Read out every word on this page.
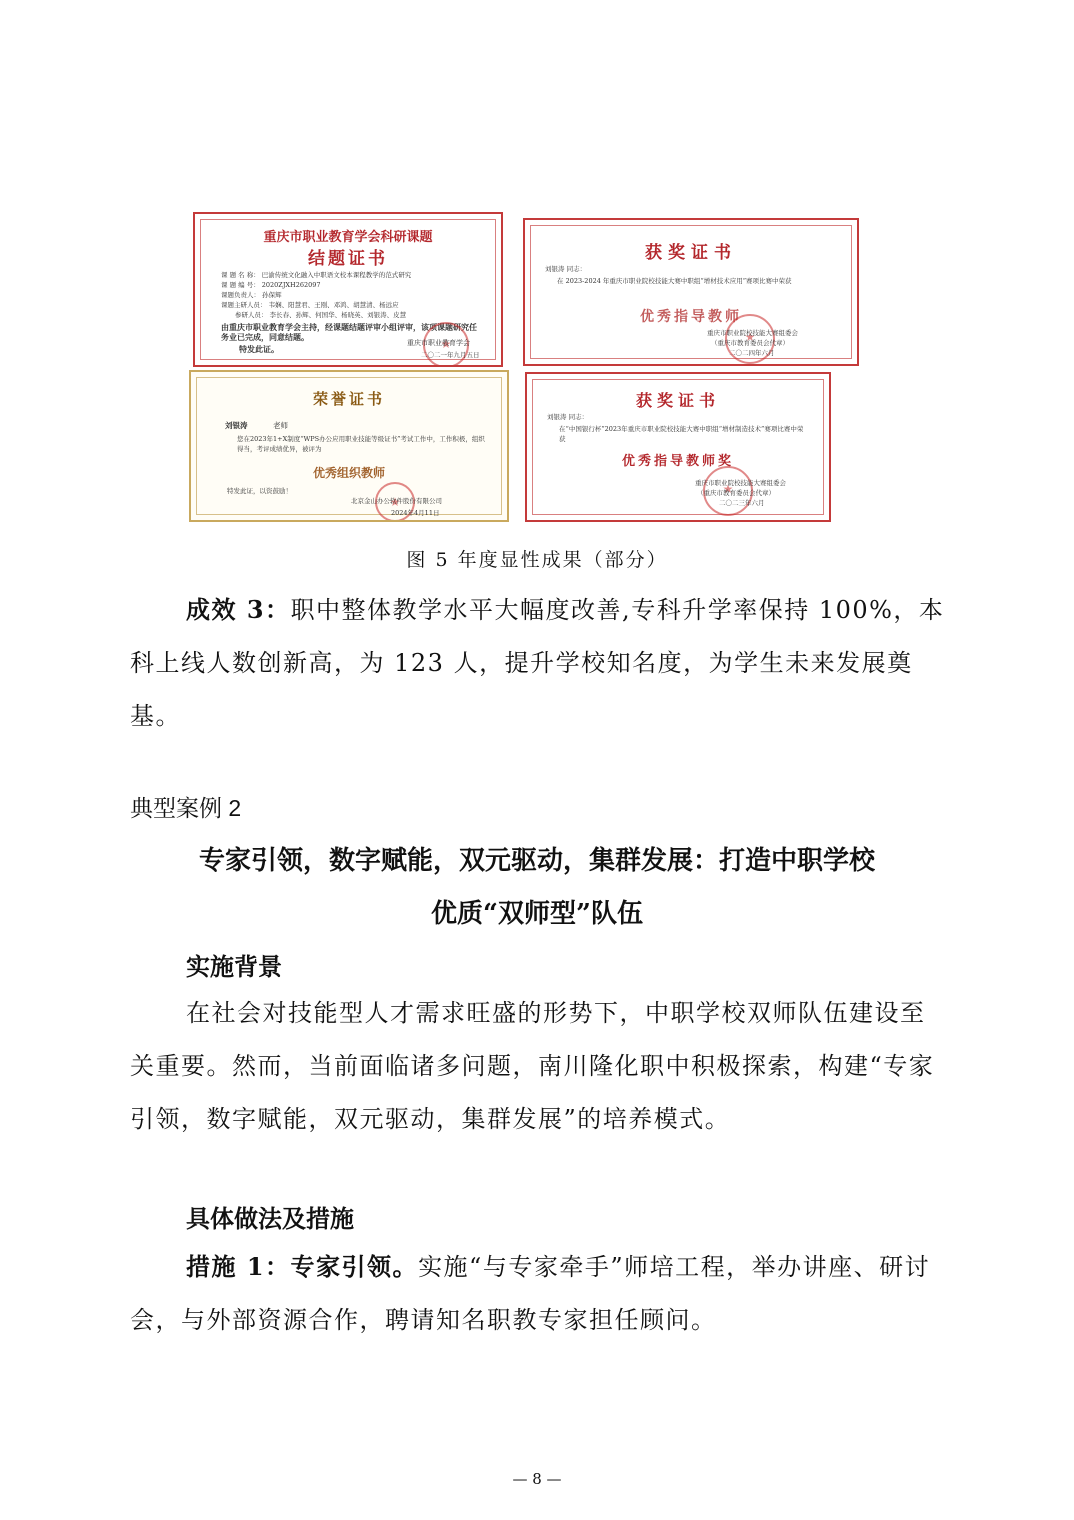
重庆市职业教育学会科研课题
结题证书
课 题 名 称： 巴渝传统文化融入中职语文校本课程教学的范式研究
课 题 编 号： 2020ZJXH262097
课题负责人： 孙保辉
课题主研人员： 韦娴、阳慧君、王刚、邓鸿、胡慧清、杨远应
参研人员： 李长春、孙辉、何国华、杨晓英、刘银涛、皮慧
由重庆市职业教育学会主持，经课题结题评审小组评审，该项课题研究任务业已完成，同意结题。
特发此证。
★
重庆市职业教育学会
二〇二一年九月五日
获奖证书
刘银涛 同志：
在 2023-2024 年重庆市职业院校技能大赛中职组“增材技术应用”赛项比赛中荣获
优秀指导教师
★
重庆市职业院校技能大赛组委会
（重庆市教育委员会代章）
二〇二四年六月
荣誉证书
刘银涛	老师
您在2023年1+X制度“WPS办公应用职业技能等级证书”考试工作中，工作积极，组织得当，考评成绩优异，被评为
优秀组织教师
特发此证，以资鼓励！
★
北京金山办公软件股份有限公司
2024年4月11日
获奖证书
刘银涛 同志：
在“中国银行杯”2023年重庆市职业院校技能大赛中职组“增材制造技术”赛项比赛中荣获
优秀指导教师奖
★
重庆市职业院校技能大赛组委会
（重庆市教育委员会代章）
二〇二三年六月
图 5 年度显性成果（部分）

成效 3：职中整体教学水平大幅度改善,专科升学率保持 100%，本科上线人数创新高，为 123 人，提升学校知名度，为学生未来发展奠基。

典型案例 2
专家引领，数字赋能，双元驱动，集群发展：打造中职学校
优质“双师型”队伍
实施背景

在社会对技能型人才需求旺盛的形势下，中职学校双师队伍建设至关重要。然而，当前面临诸多问题，南川隆化职中积极探索，构建“专家引领，数字赋能，双元驱动，集群发展”的培养模式。

具体做法及措施

措施 1：专家引领。实施“与专家牵手”师培工程，举办讲座、研讨会，与外部资源合作，聘请知名职教专家担任顾问。

— 8 —
